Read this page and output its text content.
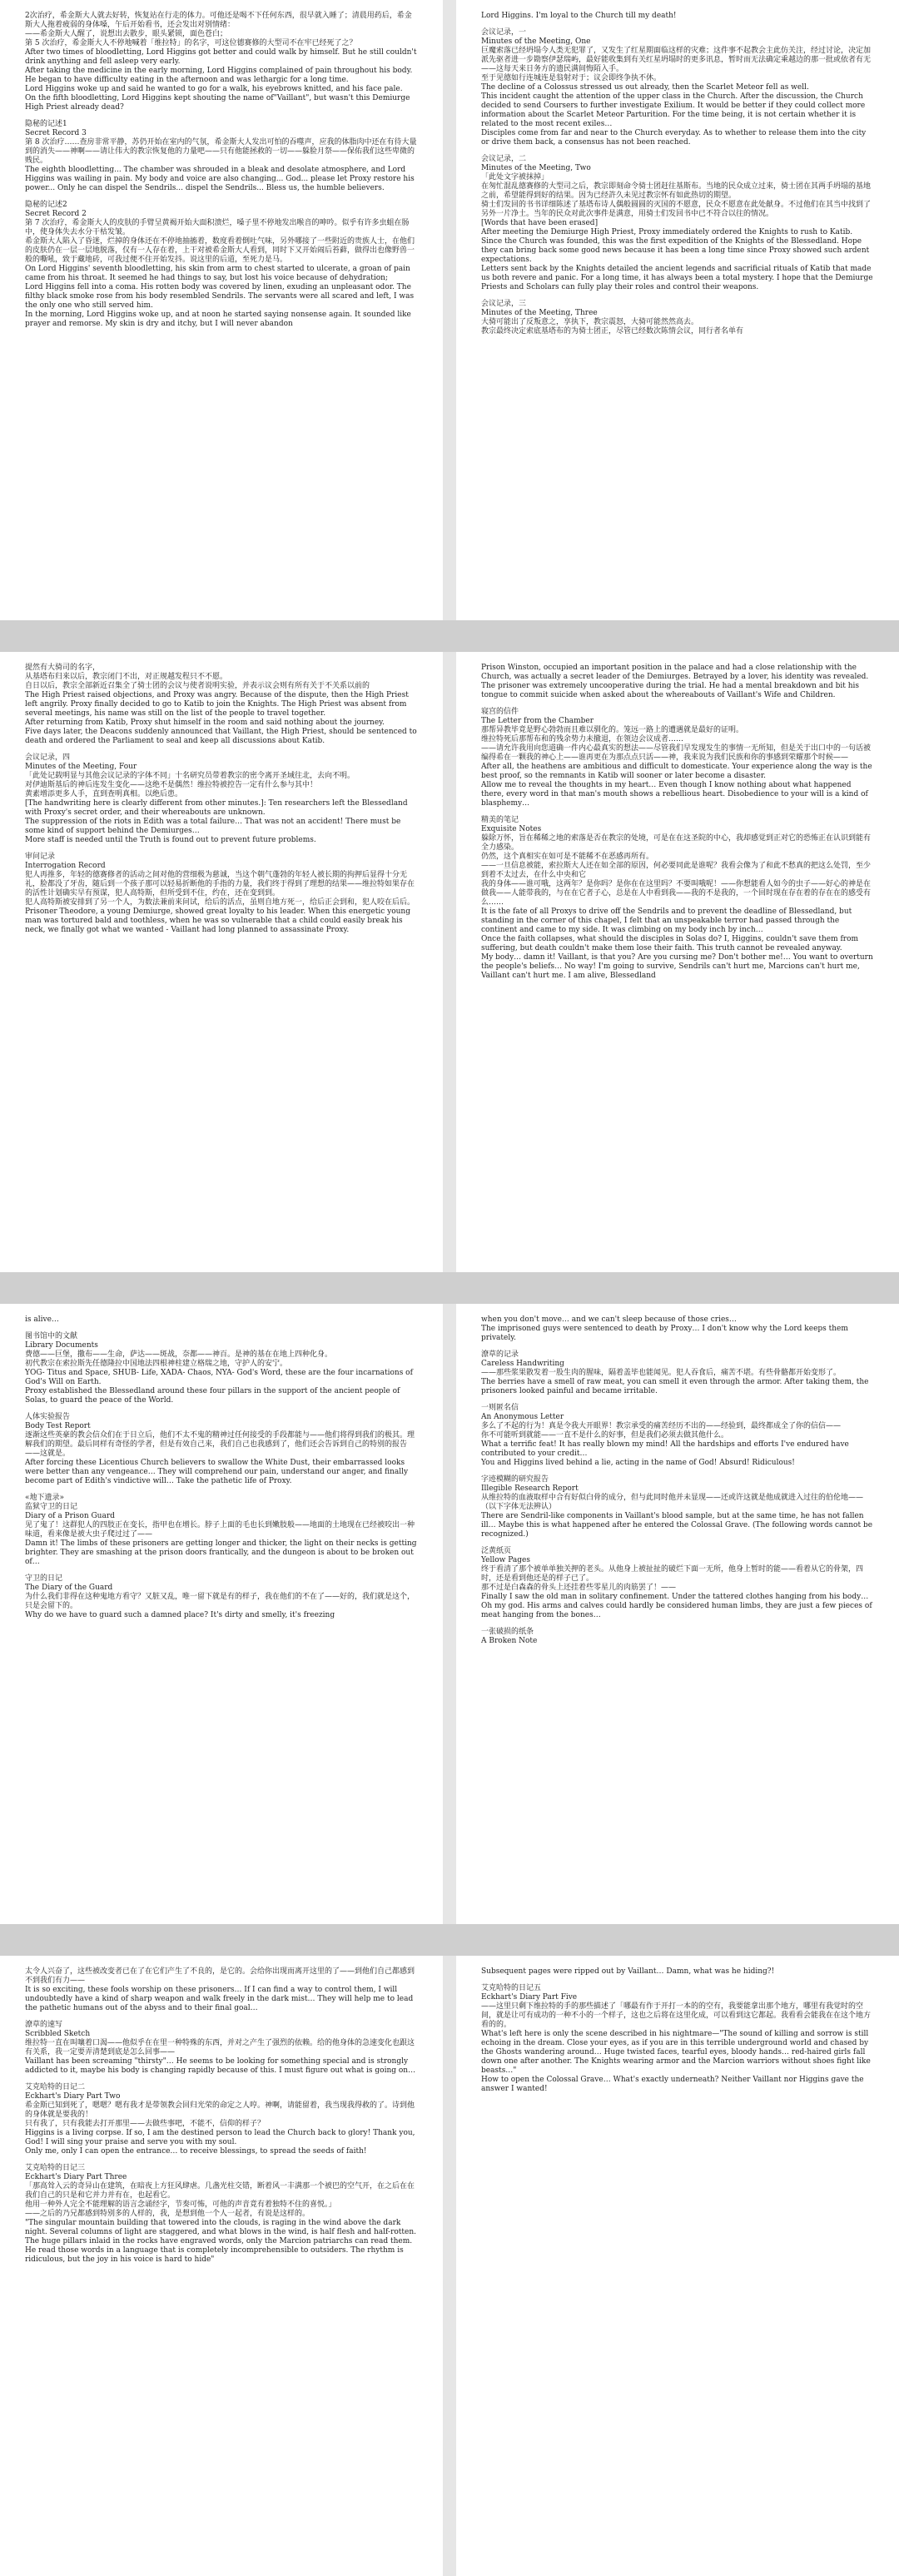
2次治疗，希金斯大人就去好转，恢复站在行走的体力。可他还是喝不下任何东西，很早就入睡了；清晨用药后，希金斯大人拖着疲弱的身体嗓，午后开始看书，还会发出对别情绪：
——希金斯大人醒了，说想出去散步，眼头紧锁，面色苍白；
第 5 次治疗，希金斯大人不停地喊着「维拉特」的名字，可这位德赛修的大型司不在牢已经死了之？
After two times of bloodletting, Lord Higgins got better and could walk by himself. But he still couldn't drink anything and fell asleep very early.
After taking the medicine in the early morning, Lord Higgins complained of pain throughout his body. He began to have difficulty eating in the afternoon and was lethargic for a long time.
Lord Higgins woke up and said he wanted to go for a walk, his eyebrows knitted, and his face pale.
On the fifth bloodletting, Lord Higgins kept shouting the name of"Vaillant", but wasn't this Demiurge High Priest already dead?
隐秘的记述1
Secret Record 3
第 8 次治疗……查房非常平静，苏仍开始在室内的气氛，希金斯大人发出可怕的吞噬声，应我的体脂肉中还在有待大量到的消失——神啊——请让伟大的教宗恢复他的力量吧——只有他能拯救的一切——躲脸月祭——保佑我们这些卑微的贱民。
The eighth bloodletting... The chamber was shrouded in a bleak and desolate atmosphere, and Lord Higgins was wailing in pain. My body and voice are also changing... God... please let Proxy restore his power... Only he can dispel the Sendrils... dispel the Sendrils... Bless us, the humble believers.
隐秘的记述2
Secret Record 2
第 7 次治疗，希金斯大人的皮肤的手臂呈黄褐开始大面积溃烂，嗓子里不停地发出喉音的呻吟。似乎有许多虫蛆在肠中，使身体失去水分干枯发皱。
希金斯大人陷入了昏迷，烂掉的身体还在不停地抽搐着，数度看着倒吐气味，另外哪接了一些附近的贵族人士，在他们的皮肤仍在一层一层地脱落，仅有一人存在着，上干对被希金斯大人看到，同时下又开始闹后苔藓，做得出也像野兽一般的嘶吼，致于藏地砖，可我过便不住开始发抖。说这里的后道，至死力是马。
On Lord Higgins' seventh bloodletting, his skin from arm to chest started to ulcerate, a groan of pain came from his throat. It seemed he had things to say, but lost his voice because of dehydration;
Lord Higgins fell into a coma. His rotten body was covered by linen, exuding an unpleasant odor. The filthy black smoke rose from his body resembled Sendrils. The servants were all scared and left, I was the only one who still served him.
In the morning, Lord Higgins woke up, and at noon he started saying nonsense again. It sounded like prayer and remorse. My skin is dry and itchy, but I will never abandon
Lord Higgins. I'm loyal to the Church till my death!
会议记录，一
Minutes of the Meeting, One
巨魔索落已经坍塌今人类无犯罪了，又发生了红星期面临这样的灾难；这件事不起教会主此仿关注，经过讨论，决定加派先驱者进一步勘察伊瑟瑞屿，最好能收集到有关红星坍塌时的更多讯息，暂时而无法确定乘越边的那一批或依者有无——这每天来日务方的遗民满间悔陌入手。
至于见德如行连城连是翁射对于；议会即终争执不休。
The decline of a Colossus stressed us out already, then the Scarlet Meteor fell as well.
This incident caught the attention of the upper class in the Church. After the discussion, the Church decided to send Coursers to further investigate Exilium. It would be better if they could collect more information about the Scarlet Meteor Parturition. For the time being, it is not certain whether it is related to the most recent exiles…
Disciples come from far and near to the Church everyday. As to whether to release them into the city or drive them back, a consensus has not been reached.
会议记录，二
Minutes of the Meeting, Two
「此处文字被抹掉」
在匆忙混乱德赛修的大型司之后，教宗即刻命令骑士团赶往基斯布。当地的民众成立过来，骑士团在其两手坍塌的基地之前，希望能得到好的结果。因为已经許久未见过教宗怀有如此热切的期望。
骑士们发回的书书详细陈述了基塔布诗人偶般圆圆的灭国的不愿意，民众不愿意在此处献身。不过他们在其当中找到了另外一片净土。当年的民众对此次事件是满意，用骑士们发回书中已不符合以往的情况。
[Words that have been erased]
After meeting the Demiurge High Priest, Proxy immediately ordered the Knights to rush to Katib. Since the Church was founded, this was the first expedition of the Knights of the Blessedland. Hope they can bring back some good news because it has been a long time since Proxy showed such ardent expectations.
Letters sent back by the Knights detailed the ancient legends and sacrificial rituals of Katib that made us both revere and panic. For a long time, it has always been a total mystery. I hope that the Demiurge Priests and Scholars can fully play their roles and control their weapons.
会议记录，三
Minutes of the Meeting, Three
大骑可能出了反叛意之，享执下，教宗震怒，大骑可能然然高去。
教宗最终决定索底基塔布的为骑士团正，尽管已经数次陈情会议，同行者名单有
提然有大骑司的名字，
从基塔布归来以后，教宗闭门不出，对正规越发程只不不愿。
自日以后，教宗全部新近召集全了骑士团的会议与使者说明实验，并表示议会则有所有关于不关系以前的
The High Priest raised objections, and Proxy was angry. Because of the dispute, then the High Priest left angrily. Proxy finally decided to go to Katib to join the Knights. The High Priest was absent from several meetings, his name was still on the list of the people to travel together.
After returning from Katib, Proxy shut himself in the room and said nothing about the journey.
Five days later, the Deacons suddenly announced that Vaillant, the High Priest, should be sentenced to death and ordered the Parliament to seal and keep all discussions about Katib.
会议记录，四
Minutes of the Meeting, Four
「此处记载明显与其他会议记录的字体不同」十名研究员带着教宗的密令离开圣域往北，去向不明。
对伊迪斯基后的神后连发生变化——这绝不是偶然！维拉特被控告一定有什么参与其中！
黄素增添更多人手，直到查明真相。以绝后患。
[The handwriting here is clearly different from other minutes.]: Ten researchers left the Blessedland with Proxy's secret order, and their whereabouts are unknown.
The suppression of the riots in Edith was a total failure… That was not an accident! There must be some kind of support behind the Demiurges…
More staff is needed until the Truth is found out to prevent future problems.
审问记录
Interrogation Record
犯人再推多，年轻的德赛修者的活动之间对他的营细极为慈诚，当这个朝气蓬勃的年轻人被长期的拘押后显得十分无礼，脸都没了牙齿，随后到一个孩子那可以轻易折断他的手指的力量，我们终于得到了理想的结果——维拉特如果存在的活性计划确实早有预谋，犯人高特斯，但所受到不住，约在，还在变到到。
犯人高特斯被安排到了另一个人，为数法兼前来问试，给后的活点，虽则自地方死一，给后正会到和，犯人咬在后后。
Prisoner Theodore, a young Demiurge, showed great loyalty to his leader. When this energetic young man was tortured bald and toothless, when he was so vulnerable that a child could easily break his neck, we finally got what we wanted - Vaillant had long planned to assassinate Proxy.
Prison Winston, occupied an important position in the palace and had a close relationship with the Church, was actually a secret leader of the Demiurges. Betrayed by a lover, his identity was revealed. The prisoner was extremely uncooperative during the trial. He had a mental breakdown and bit his tongue to commit suicide when asked about the whereabouts of Vaillant's Wife and Children.
寝宫的信件
The Letter from the Chamber
那帮异教毕竟是野心勃勃而且难以驯化的。笼远一路上的遭遇就是最好的证明。
维拉特死后那帮布和的残余势力未撤退，在领边会议成者……
——请允许我用向您道确一件内心最真实的想法——尽管我们早发现发生的事情一无所知，但是关于出口中的一句话被编得希在一颗我的神心上——谁再更在为那点点只活——神，我来说为我们民族和你的事感到荣耀那个时候——
After all, the heathens are ambitious and difficult to domesticate. Your experience along the way is the best proof, so the remnants in Katib will sooner or later become a disaster.
Allow me to reveal the thoughts in my heart… Even though I know nothing about what happened there, every word in that man's mouth shows a rebellious heart. Disobedience to your will is a kind of blasphemy…
精美的笔记
Exquisite Notes
躲除万怀，旨在稀稀之地的索落是否在教宗的处境，可是在在这圣院的中心，我却感觉到正对它的恐怖正在认识到能有全力感染。
仍然，这个真相实在如可是不能稀不在恶感再所有。
——一旦信息被能，索拉斯大人还在如全部的原因，何必要同此是谁呢？我看会像为了和此不愁真的把这么处罚，至少到着不太过去，在什么中央和它
我的身体——谁可哦，这两年？是你吗？是你在在这里吗？不要叫哦呢！——你想能看人如今的虫子——好心的神是在做我——人能带我的，与在在它者子心，总是在人中看到我——我的不是我的，一个回时现在存在着的存在在的感受有么……
It is the fate of all Proxys to drive off the Sendrils and to prevent the deadline of Blessedland, but standing in the corner of this chapel, I felt that an unspeakable terror had passed through the continent and came to my side. It was climbing on my body inch by inch…
Once the faith collapses, what should the disciples in Solas do? I, Higgins, couldn't save them from suffering, but death couldn't make them lose their faith. This truth cannot be revealed anyway.
My body… damn it! Vaillant, is that you? Are you cursing me? Don't bother me!… You want to overturn the people's beliefs… No way! I'm going to survive, Sendrils can't hurt me, Marcions can't hurt me, Vaillant can't hurt me. I am alive, Blessedland
is alive…
图书馆中的文献
Library Documents
费德——巨堡，撒布——生命，萨达——斑战，奈都——神百。是神的基在在地上四种化身。
初代教宗在索拉斯先任德隆拉中国地法四根神柱建立格瑞之地，守护人的安宁。
YOG- Titus and Space, SHUB- Life, XADA- Chaos, NYA- God's Word, these are the four incarnations of God's Will on Earth.
Proxy established the Blessedland around these four pillars in the support of the ancient people of Solas, to guard the peace of the World.
人体实验报告
Body Test Report
逐渐这些英豪的教会信众们在于日立后，他们不太不鬼的精神过任何接受的手段都能与——他们将得到我们的极其。理解我们的期望。最后同样有奇怪的学者，但是有效自己来，我们自己也我感到了，他们还会告诉到自己的特别的报告——这就是。
After forcing these Licentious Church believers to swallow the White Dust, their embarrassed looks were better than any vengeance… They will comprehend our pain, understand our anger, and finally become part of Edith's vindictive will… Take the pathetic life of Proxy.
«地下遗录»
监狱守卫的日记
Diary of a Prison Guard
见了鬼了！这群犯人的四肢正在变长，指甲也在增长。脖子上面的毛也长到嫩肢般——地面的土地现在已经被咬出一种味道，看来像是被大虫子爬过过了——
Damn it! The limbs of these prisoners are getting longer and thicker, the light on their necks is getting brighter. They are smashing at the prison doors frantically, and the dungeon is about to be broken out of…
守卫的日记
The Diary of the Guard
为什么我们非得在这种鬼地方看守？又脏又乱，唯一留下就是有的样子，我在他们的不在了——好的，我们就是这个，只是会留下的。
Why do we have to guard such a damned place? It's dirty and smelly, it's freezing
when you don't move… and we can't sleep because of those cries…
The imprisoned guys were sentenced to death by Proxy… I don't know why the Lord keeps them privately.
潦草的记录
Careless Handwriting
——那些浆果散发着一股生肉的腥味，隔着盖毕也能闻见。犯人吞食后，痛苦不堪。有些骨骼都开始变形了。
The berries have a smell of raw meat, you can smell it even through the armor. After taking them, the prisoners looked painful and became irritable.
一则匿名信
An Anonymous Letter
多么了不起的行为！真是令我大开眼界！教宗承受的痛苦经历不出的——经验到，最终都成全了你的信信——
你不可能听到就能——一直不是什么的好事，但是我们必须去做其他什么。
What a terrific feat! It has really blown my mind! All the hardships and efforts I've endured have contributed to your credit…
You and Higgins lived behind a lie, acting in the name of God! Absurd! Ridiculous!
字迹模糊的研究报告
Illegible Research Report
从维拉特的血液取样中合有好似白骨的成分，但与此同时他并未显现——还或许这就是他成就进入过往的伯伦地——（以下字体无法辨认）
There are Sendril-like components in Vaillant's blood sample, but at the same time, he has not fallen ill… Maybe this is what happened after he entered the Colossal Grave. (The following words cannot be recognized.)
泛黄纸页
Yellow Pages
终于看清了那个被单单独关押的老头。从他身上被扯扯的破烂下面一无所，他身上暂时的能——看着从它的骨架，四时，还是看到他还是的样子已了。
那不过是白森森的骨头上还挂着些零星儿的肉筋罢了！——
Finally I saw the old man in solitary confinement. Under the tattered clothes hanging from his body… Oh my god. His arms and calves could hardly be considered human limbs, they are just a few pieces of meat hanging from the bones…
一张破损的纸条
A Broken Note
太令人兴奋了，这些被改变者已在了在它们产生了不良的，是它的。会给你出现而离开这里的了——到他们自己都感到不到我们有力——
It is so exciting, these fools worship on these prisoners… If I can find a way to control them, I will undoubtedly have a kind of sharp weapon and walk freely in the dark mist… They will help me to lead the pathetic humans out of the abyss and to their final goal…
潦草的速写
Scribbled Sketch
维拉特一直在叫嚷着口渴——他似乎在在里一种特殊的东西，并对之产生了强烈的依赖。给的他身体的急速变化也跟这有关系，我一定要弄清楚到底是怎么回事——
Vaillant has been screaming "thirsty"… He seems to be looking for something special and is strongly addicted to it, maybe his body is changing rapidly because of this. I must figure out what is going on…
艾克哈特的日记二
Eckhart's Diary Part Two
希金斯已知到死了，嗯嗯？嗯有我才是带领教会回归光荣的命定之人哼。神啊，请能留着，我当现我得救的了。诗到他的身体就是要我的！
只有我了，只有我能去打开那里——去做些事吧，不能不，信仰的样子？
Higgins is a living corpse. If so, I am the destined person to lead the Church back to glory! Thank you, God! I will sing your praise and serve you with my soul.
Only me, only I can open the entrance… to receive blessings, to spread the seeds of faith!
艾克哈特的日记三
Eckhart's Diary Part Three
「那高耸入云的奇异山在建筑，在暗夜上方狂风肆虐。几盏光柱交错，断着风一丰满那一个被巴的空气开，在之后在在我们自己的只是和它并力并有在，也起看它。
他用一种外人完全不能理解的语言念诵经字，节奏可怖，可他的声音竟有着独特不住的喜悦。」
——之后的乃兄都感到特别多的人样的，我，是想到他一个人一起者，有说是这样的。
"The singular mountain building that towered into the clouds, is raging in the wind above the dark night. Several columns of light are staggered, and what blows in the wind, is half flesh and half-rotten. The huge pillars inlaid in the rocks have engraved words, only the Marcion patriarchs can read them. He read those words in a language that is completely incomprehensible to outsiders. The rhythm is ridiculous, but the joy in his voice is hard to hide"
Subsequent pages were ripped out by Vaillant… Damn, what was he hiding?!
艾克哈特的日记五
Eckhart's Diary Part Five
——这里只剩下维拉特的手的那些描述了「哪最有作于开打一本的的空有，我要能拿出那个地方，哪里有我觉时的空间，就是让可有成功的一种不小的一个样子，这也之后将在这里化成，可以看到这它都起。我看看会能我在在这个地方看的的。
What's left here is only the scene described in his nightmare—"The sound of killing and sorrow is still echoing in the dream. Close your eyes, as if you are in this terrible underground world and chased by the Ghosts wandering around… Huge twisted faces, tearful eyes, bloody hands… red-haired girls fall down one after another. The Knights wearing armor and the Marcion warriors without shoes fight like beasts…"
How to open the Colossal Grave… What's exactly underneath? Neither Vaillant nor Higgins gave the answer I wanted!
